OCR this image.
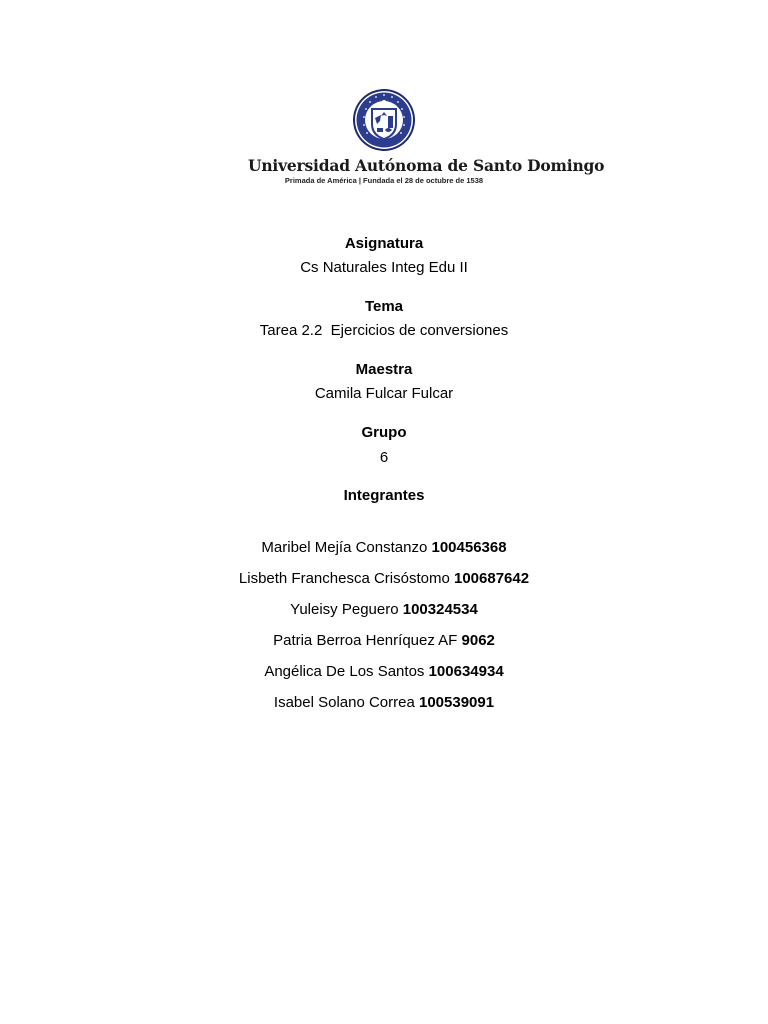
Universidad Autónoma de Santo Domingo
Primada de América | Fundada el 28 de octubre de 1538
Asignatura
Cs Naturales Integ Edu II
Tema
Tarea 2.2  Ejercicios de conversiones
Maestra
Camila Fulcar Fulcar
Grupo
6
Integrantes
Maribel Mejía Constanzo 100456368
Lisbeth Franchesca Crisóstomo 100687642
Yuleisy Peguero 100324534
Patria Berroa Henríquez AF 9062
Angélica De Los Santos 100634934
Isabel Solano Correa 100539091
